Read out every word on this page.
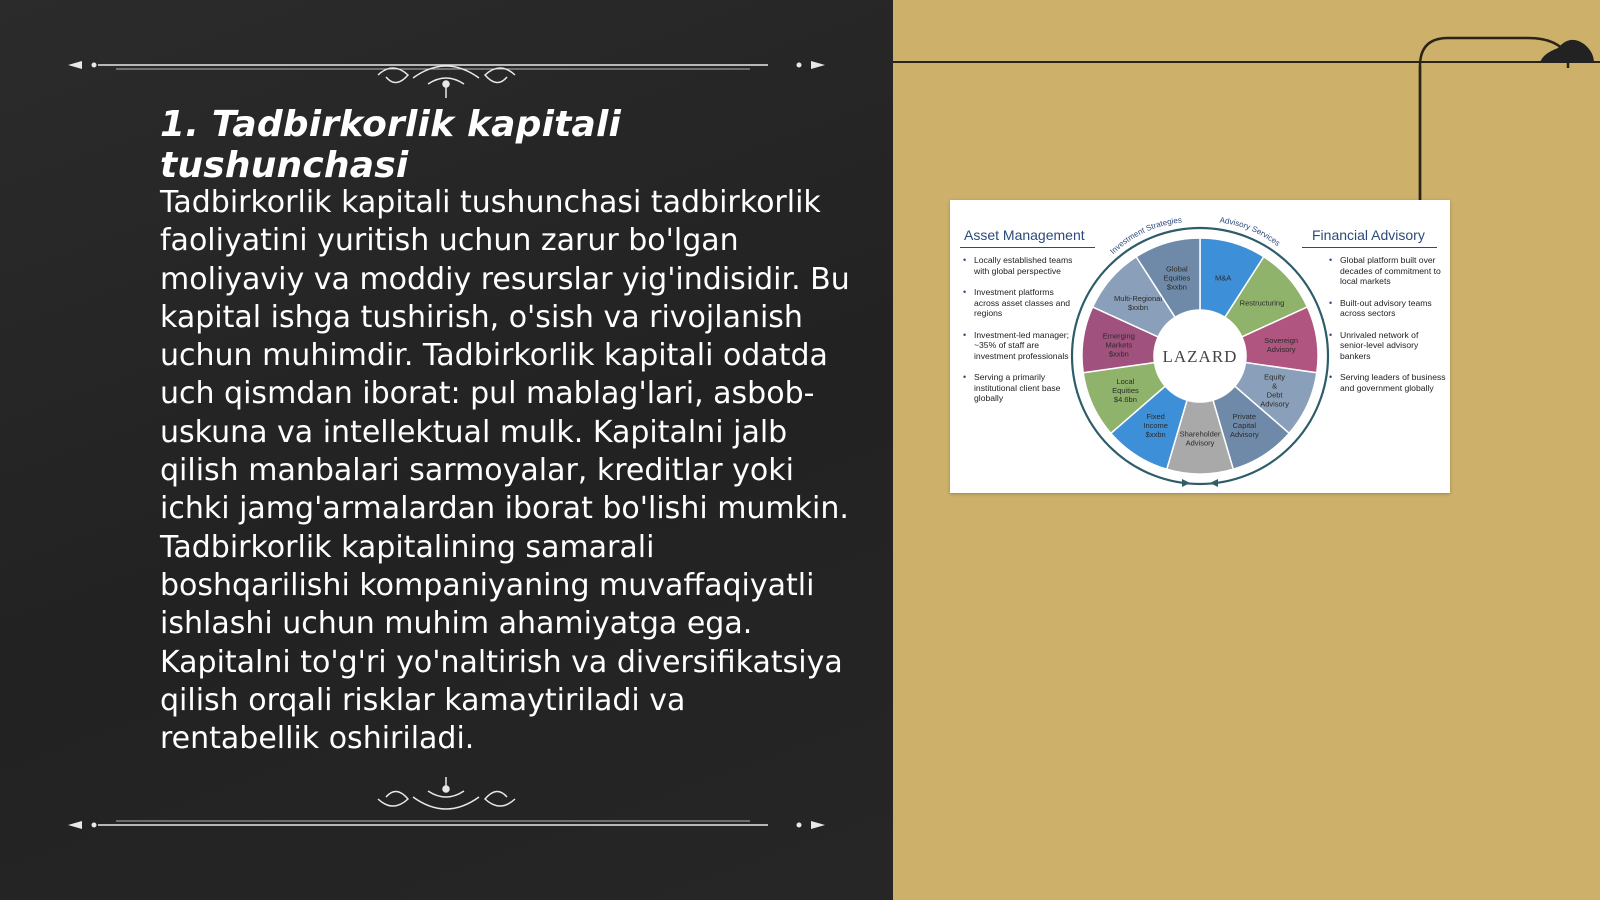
1. Tadbirkorlik kapitali tushunchasi

Tadbirkorlik kapitali tushunchasi tadbirkorlik faoliyatini yuritish uchun zarur bo'lgan moliyaviy va moddiy resurslar yig'indisidir. Bu kapital ishga tushirish, o'sish va rivojlanish uchun muhimdir. Tadbirkorlik kapitali odatda uch qismdan iborat: pul mablag'lari, asbob-uskuna va intellektual mulk. Kapitalni jalb qilish manbalari sarmoyalar, kreditlar yoki ichki jamg'armalardan iborat bo'lishi mumkin. Tadbirkorlik kapitalining samarali boshqarilishi kompaniyaning muvaffaqiyatli ishlashi uchun muhim ahamiyatga ega. Kapitalni to'g'ri yo'naltirish va diversifikatsiya qilish orqali risklar kamaytiriladi va rentabellik oshiriladi.

Asset Management
• Locally established teams with global perspective
• Investment platforms across asset classes and regions
• Investment-led manager; ~35% of staff are investment professionals
• Serving a primarily institutional client base globally
Financial Advisory
• Global platform built over decades of commitment to local markets
• Built-out advisory teams across sectors
• Unrivaled network of senior-level advisory bankers
• Serving leaders of business and government globally
M&A
Restructuring
Sovereign Advisory
Equity & Debt Advisory
Private Capital Advisory
Shareholder Advisory
Fixed Income $xxbn
Local Equities $4.6bn
Emerging Markets $xxbn
Multi-Regional $xxbn
Global Equities $xxbn
LAZARD
Investment Strategies	Advisory Services
